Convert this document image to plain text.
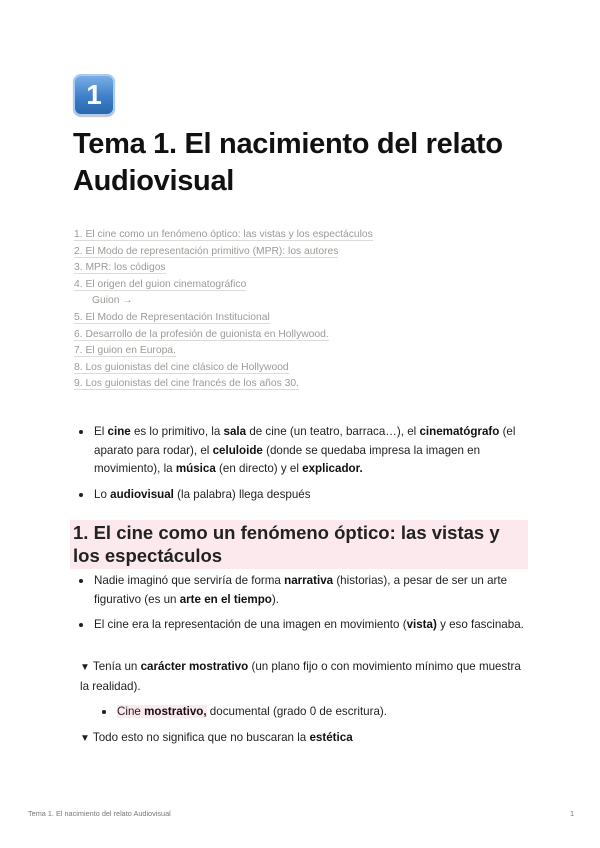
1
Tema 1. El nacimiento del relato Audiovisual
1. El cine como un fenómeno óptico: las vistas y los espectáculos
2. El Modo de representación primitivo (MPR): los autores
3. MPR: los códigos
4. El origen del guion cinematográfico
Guion →
5. El Modo de Representación Institucional
6. Desarrollo de la profesión de guionista en Hollywood.
7. El guion en Europa.
8. Los guionistas del cine clásico de Hollywood
9. Los guionistas del cine francés de los años 30.
El cine es lo primitivo, la sala de cine (un teatro, barraca…), el cinematógrafo (el aparato para rodar), el celuloide (donde se quedaba impresa la imagen en movimiento), la música (en directo) y el explicador.
Lo audiovisual (la palabra) llega después
1. El cine como un fenómeno óptico: las vistas y los espectáculos
Nadie imaginó que serviría de forma narrativa (historias), a pesar de ser un arte figurativo (es un arte en el tiempo).
El cine era la representación de una imagen en movimiento (vista) y eso fascinaba.
▼ Tenía un carácter mostrativo (un plano fijo o con movimiento mínimo que muestra la realidad).
Cine mostrativo, documental (grado 0 de escritura).
▼ Todo esto no significa que no buscaran la estética
Tema 1. El nacimiento del relato Audiovisual	1
